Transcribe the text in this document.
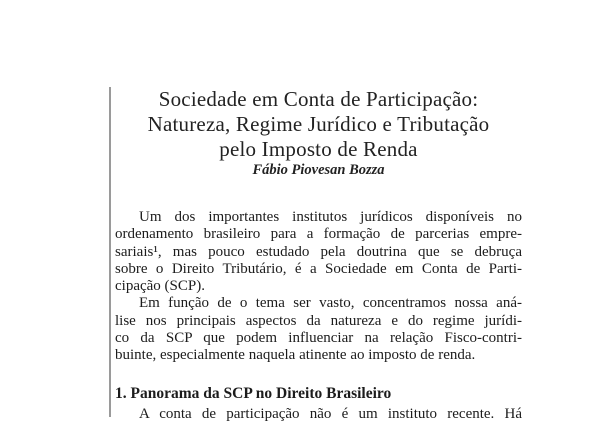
Sociedade em Conta de Participação:
Natureza, Regime Jurídico e Tributação
pelo Imposto de Renda
Fábio Piovesan Bozza
Um dos importantes institutos jurídicos disponíveis no
ordenamento brasileiro para a formação de parcerias empre-
sariais¹, mas pouco estudado pela doutrina que se debruça
sobre o Direito Tributário, é a Sociedade em Conta de Parti-
cipação (SCP).
Em função de o tema ser vasto, concentramos nossa aná-
lise nos principais aspectos da natureza e do regime jurídi-
co da SCP que podem influenciar na relação Fisco-contri-
buinte, especialmente naquela atinente ao imposto de renda.
1. Panorama da SCP no Direito Brasileiro
A conta de participação não é um instituto recente. Há
